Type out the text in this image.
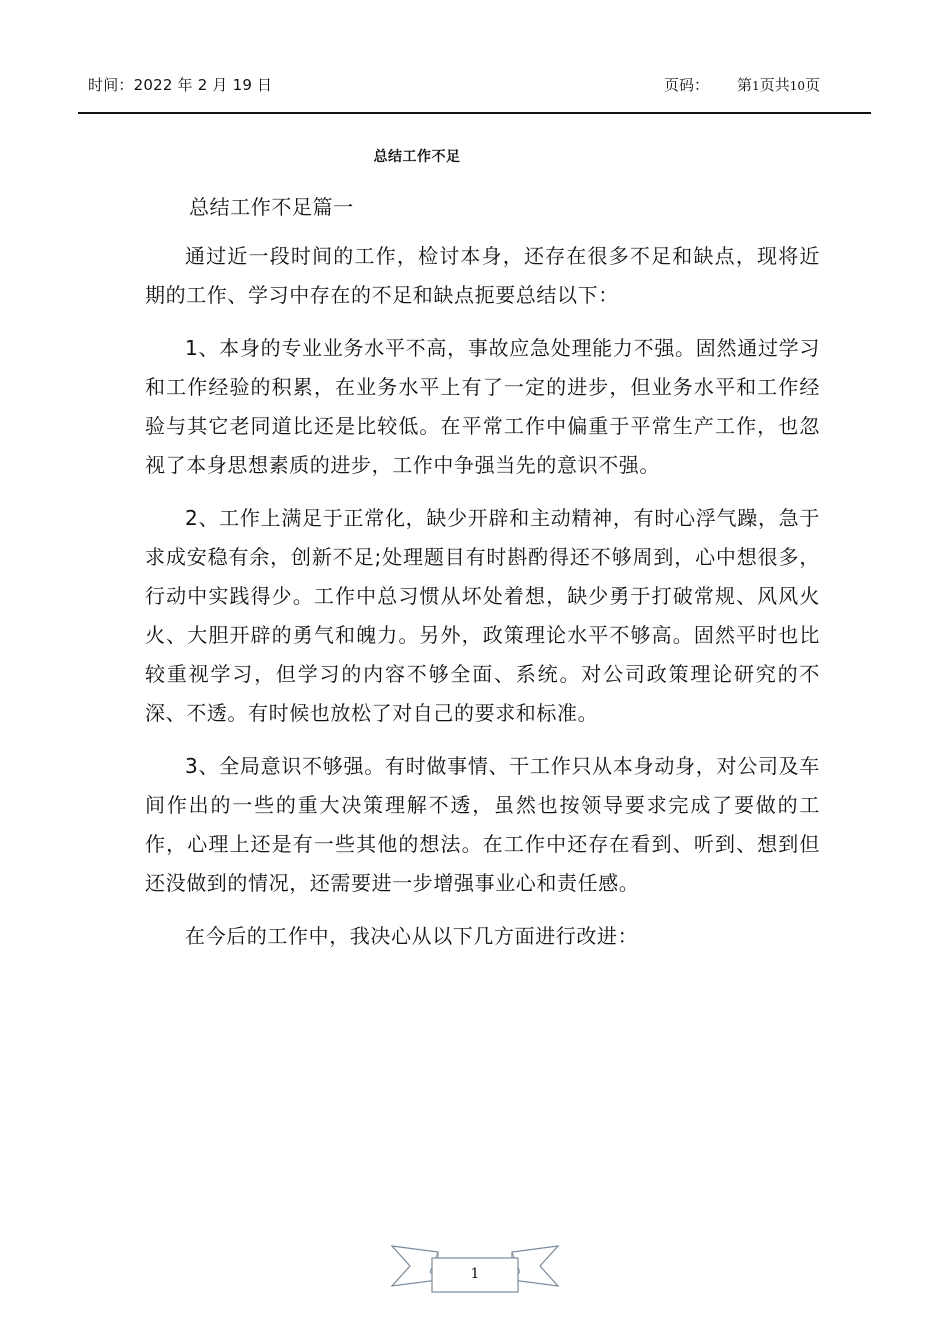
时间：2022 年 2 月 19 日	页码： 第1页共10页
总结工作不足

总结工作不足篇一

通过近一段时间的工作，检讨本身，还存在很多不足和缺点，现将近期的工作、学习中存在的不足和缺点扼要总结以下：

1、本身的专业业务水平不高，事故应急处理能力不强。固然通过学习和工作经验的积累，在业务水平上有了一定的进步，但业务水平和工作经验与其它老同道比还是比较低。在平常工作中偏重于平常生产工作，也忽视了本身思想素质的进步，工作中争强当先的意识不强。

2、工作上满足于正常化，缺少开辟和主动精神，有时心浮气躁，急于求成安稳有余，创新不足;处理题目有时斟酌得还不够周到，心中想很多，行动中实践得少。工作中总习惯从坏处着想，缺少勇于打破常规、风风火火、大胆开辟的勇气和魄力。另外，政策理论水平不够高。固然平时也比较重视学习，但学习的内容不够全面、系统。对公司政策理论研究的不深、不透。有时候也放松了对自己的要求和标准。

3、全局意识不够强。有时做事情、干工作只从本身动身，对公司及车间作出的一些的重大决策理解不透，虽然也按领导要求完成了要做的工作，心理上还是有一些其他的想法。在工作中还存在看到、听到、想到但还没做到的情况，还需要进一步增强事业心和责任感。

在今后的工作中，我决心从以下几方面进行改进：

1
